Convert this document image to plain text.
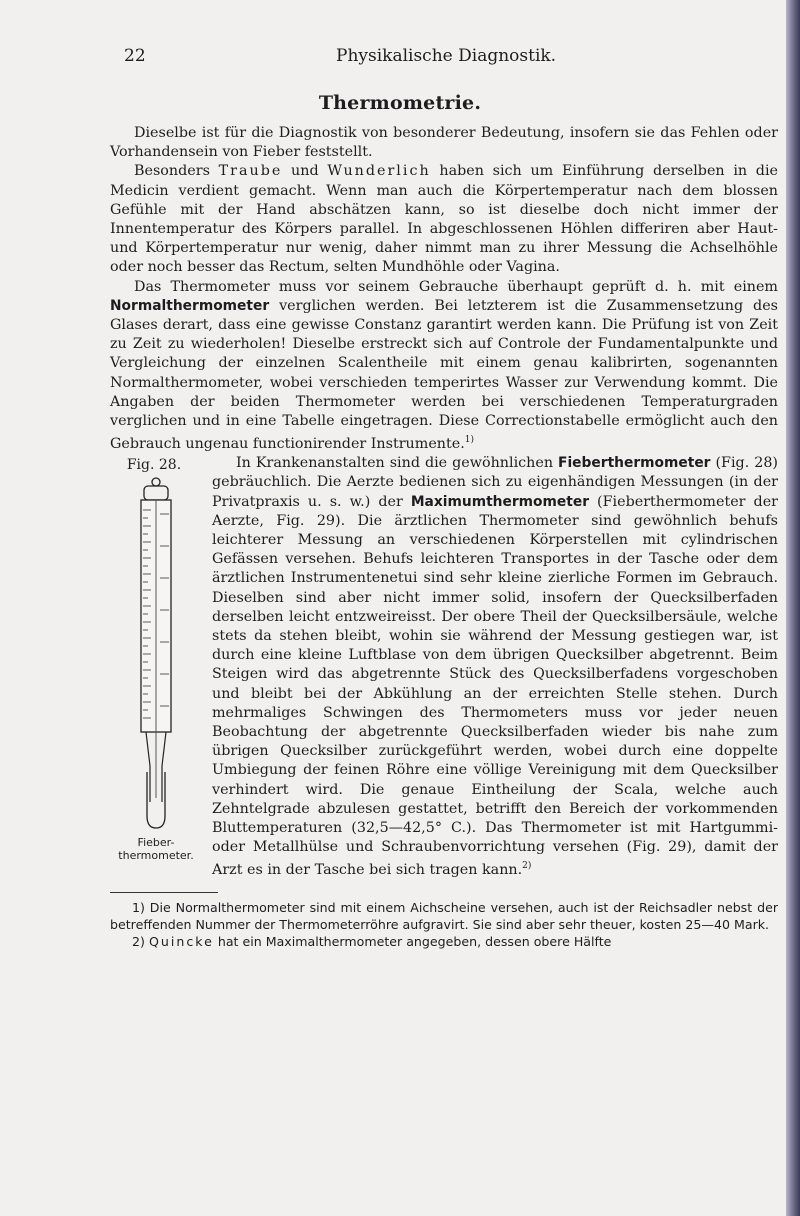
22	Physikalische Diagnostik.
Thermometrie.

Dieselbe ist für die Diagnostik von besonderer Bedeutung, insofern sie das Fehlen oder Vorhandensein von Fieber feststellt.

Besonders Traube und Wunderlich haben sich um Einführung derselben in die Medicin verdient gemacht. Wenn man auch die Körpertemperatur nach dem blossen Gefühle mit der Hand abschätzen kann, so ist dieselbe doch nicht immer der Innentemperatur des Körpers parallel. In abgeschlossenen Höhlen differiren aber Haut- und Körpertemperatur nur wenig, daher nimmt man zu ihrer Messung die Achselhöhle oder noch besser das Rectum, selten Mundhöhle oder Vagina.

Das Thermometer muss vor seinem Gebrauche überhaupt geprüft d. h. mit einem Normalthermometer verglichen werden. Bei letzterem ist die Zusammensetzung des Glases derart, dass eine gewisse Constanz garantirt werden kann. Die Prüfung ist von Zeit zu Zeit zu wiederholen! Dieselbe erstreckt sich auf Controle der Fundamentalpunkte und Vergleichung der einzelnen Scalentheile mit einem genau kalibrirten, sogenannten Normalthermometer, wobei verschieden temperirtes Wasser zur Verwendung kommt. Die Angaben der beiden Thermometer werden bei verschiedenen Temperaturgraden verglichen und in eine Tabelle eingetragen. Diese Correctionstabelle ermöglicht auch den Gebrauch ungenau functionirender Instrumente.$^{1)}$

Fig. 28.
Fieber-
thermometer.

In Krankenanstalten sind die gewöhnlichen Fieberthermometer (Fig. 28) gebräuchlich. Die Aerzte bedienen sich zu eigenhändigen Messungen (in der Privatpraxis u. s. w.) der Maximumthermometer (Fieberthermometer der Aerzte, Fig. 29). Die ärztlichen Thermometer sind gewöhnlich behufs leichterer Messung an verschiedenen Körperstellen mit cylindrischen Gefässen versehen. Behufs leichteren Transportes in der Tasche oder dem ärztlichen Instrumentenetui sind sehr kleine zierliche Formen im Gebrauch. Dieselben sind aber nicht immer solid, insofern der Quecksilberfaden derselben leicht entzweireisst. Der obere Theil der Quecksilbersäule, welche stets da stehen bleibt, wohin sie während der Messung gestiegen war, ist durch eine kleine Luftblase von dem übrigen Quecksilber abgetrennt. Beim Steigen wird das abgetrennte Stück des Quecksilberfadens vorgeschoben und bleibt bei der Abkühlung an der erreichten Stelle stehen. Durch mehrmaliges Schwingen des Thermometers muss vor jeder neuen Beobachtung der abgetrennte Quecksilberfaden wieder bis nahe zum übrigen Quecksilber zurückgeführt werden, wobei durch eine doppelte Umbiegung der feinen Röhre eine völlige Vereinigung mit dem Quecksilber verhindert wird. Die genaue Eintheilung der Scala, welche auch Zehntelgrade abzulesen gestattet, betrifft den Bereich der vorkommenden Bluttemperaturen (32,5—42,5° C.). Das Thermometer ist mit Hartgummi- oder Metallhülse und Schraubenvorrichtung versehen (Fig. 29), damit der Arzt es in der Tasche bei sich tragen kann.$^{2)}$

1) Die Normalthermometer sind mit einem Aichscheine versehen, auch ist der Reichsadler nebst der betreffenden Nummer der Thermometerröhre aufgravirt. Sie sind aber sehr theuer, kosten 25—40 Mark.

2) Quincke hat ein Maximalthermometer angegeben, dessen obere Hälfte
